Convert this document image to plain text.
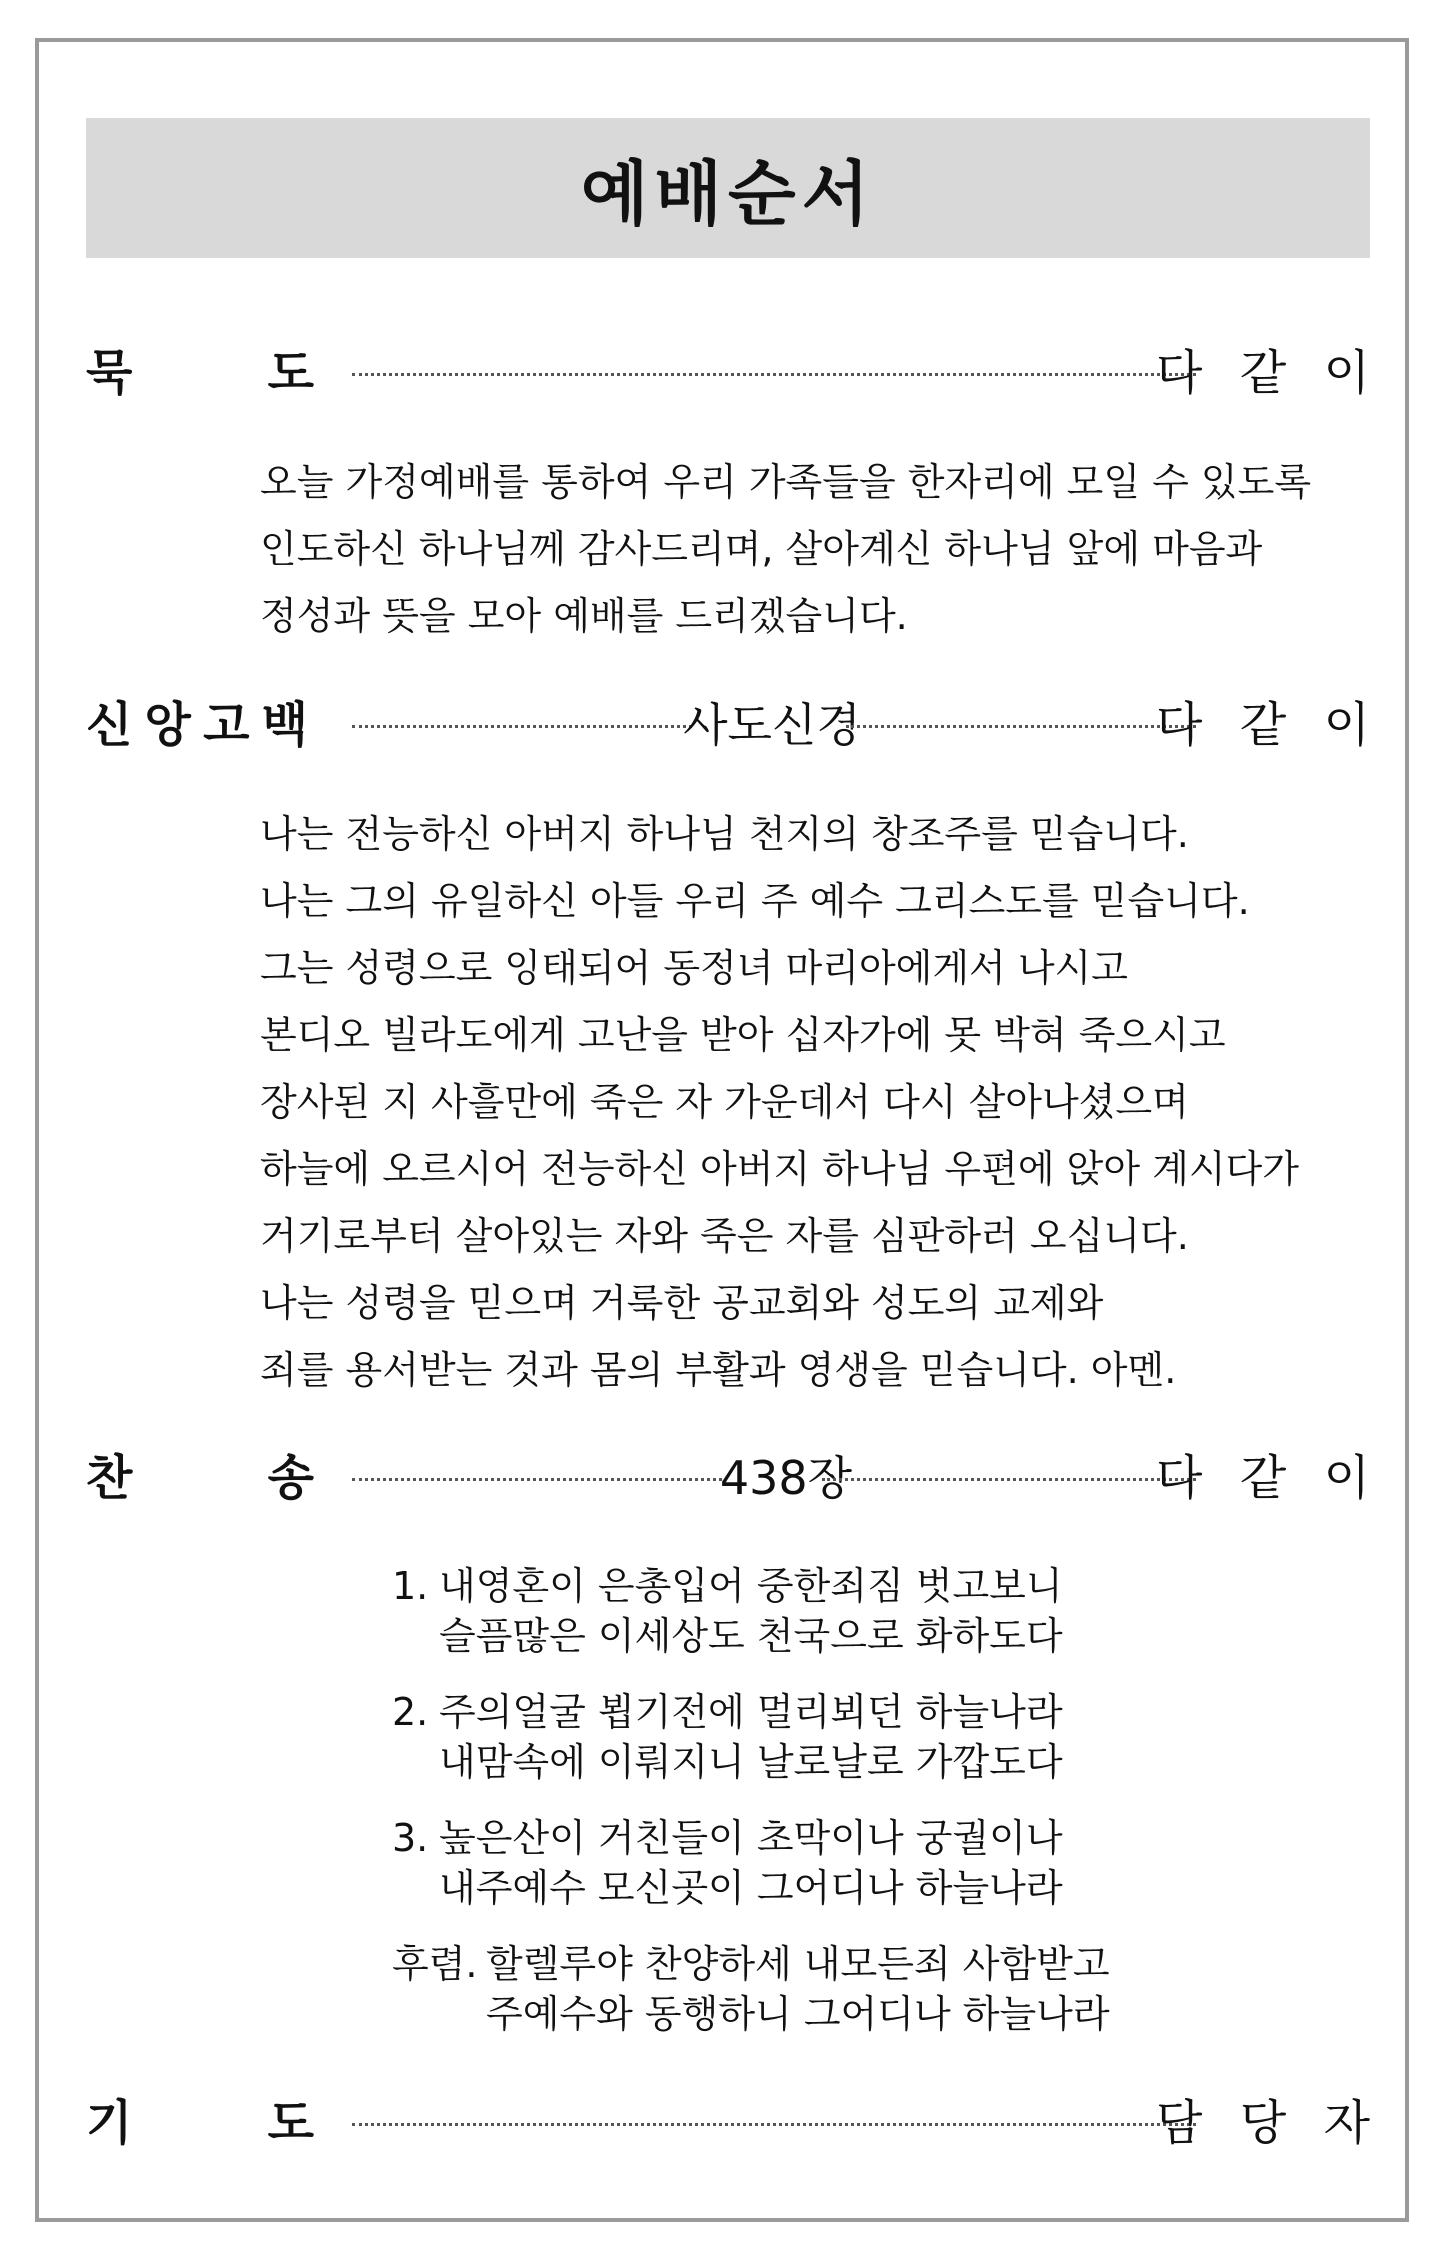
예배순서
묵	도	다 같 이
오늘 가정예배를 통하여 우리 가족들을 한자리에 모일 수 있도록
인도하신 하나님께 감사드리며, 살아계신 하나님 앞에 마음과
정성과 뜻을 모아 예배를 드리겠습니다.
신 앙 고 백	사도신경	다 같 이
나는 전능하신 아버지 하나님 천지의 창조주를 믿습니다.
나는 그의 유일하신 아들 우리 주 예수 그리스도를 믿습니다.
그는 성령으로 잉태되어 동정녀 마리아에게서 나시고
본디오 빌라도에게 고난을 받아 십자가에 못 박혀 죽으시고
장사된 지 사흘만에 죽은 자 가운데서 다시 살아나셨으며
하늘에 오르시어 전능하신 아버지 하나님 우편에 앉아 계시다가
거기로부터 살아있는 자와 죽은 자를 심판하러 오십니다.
나는 성령을 믿으며 거룩한 공교회와 성도의 교제와
죄를 용서받는 것과 몸의 부활과 영생을 믿습니다. 아멘.
찬	송	438장	다 같 이
1. 내영혼이 은총입어 중한죄짐 벗고보니
슬픔많은 이세상도 천국으로 화하도다
2. 주의얼굴 뵙기전에 멀리뵈던 하늘나라
내맘속에 이뤄지니 날로날로 가깝도다
3. 높은산이 거친들이 초막이나 궁궐이나
내주예수 모신곳이 그어디나 하늘나라
후렴. 할렐루야 찬양하세 내모든죄 사함받고
주예수와 동행하니 그어디나 하늘나라
기	도	담 당 자
